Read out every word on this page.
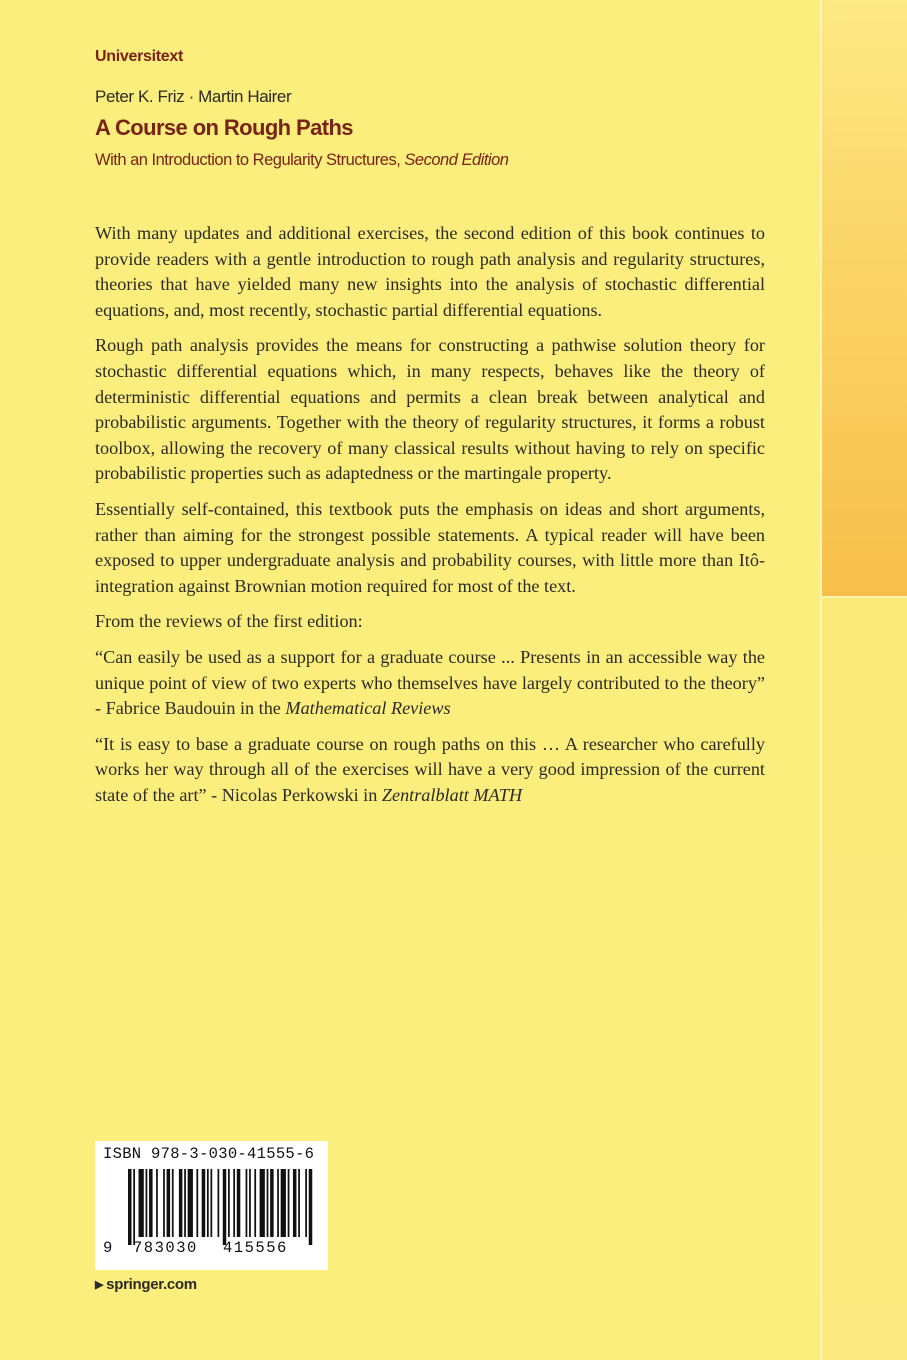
Universitext
Peter K. Friz · Martin Hairer
A Course on Rough Paths
With an Introduction to Regularity Structures, Second Edition

With many updates and additional exercises, the second edition of this book continues to provide readers with a gentle introduction to rough path analysis and regularity structures, theories that have yielded many new insights into the analysis of stochastic differential equations, and, most recently, stochastic partial differential equations.

Rough path analysis provides the means for constructing a pathwise solution theory for stochastic differential equations which, in many respects, behaves like the theory of deterministic differential equations and permits a clean break between analytical and probabilistic arguments. Together with the theory of regularity structures, it forms a robust toolbox, allowing the recovery of many classical results without having to rely on specific probabilistic properties such as adaptedness or the martingale property.

Essentially self-contained, this textbook puts the emphasis on ideas and short arguments, rather than aiming for the strongest possible statements. A typical reader will have been exposed to upper undergraduate analysis and probability courses, with little more than Itô-integration against Brownian motion required for most of the text.

From the reviews of the first edition:

“Can easily be used as a support for a graduate course ... Presents in an accessible way the unique point of view of two experts who themselves have largely contributed to the theory” - Fabrice Baudouin in the Mathematical Reviews

“It is easy to base a graduate course on rough paths on this … A researcher who carefully works her way through all of the exercises will have a very good impression of the current state of the art” - Nicolas Perkowski in Zentralblatt MATH

ISBN 978-3-030-41555-6
9 783030 415556
▶ springer.com
